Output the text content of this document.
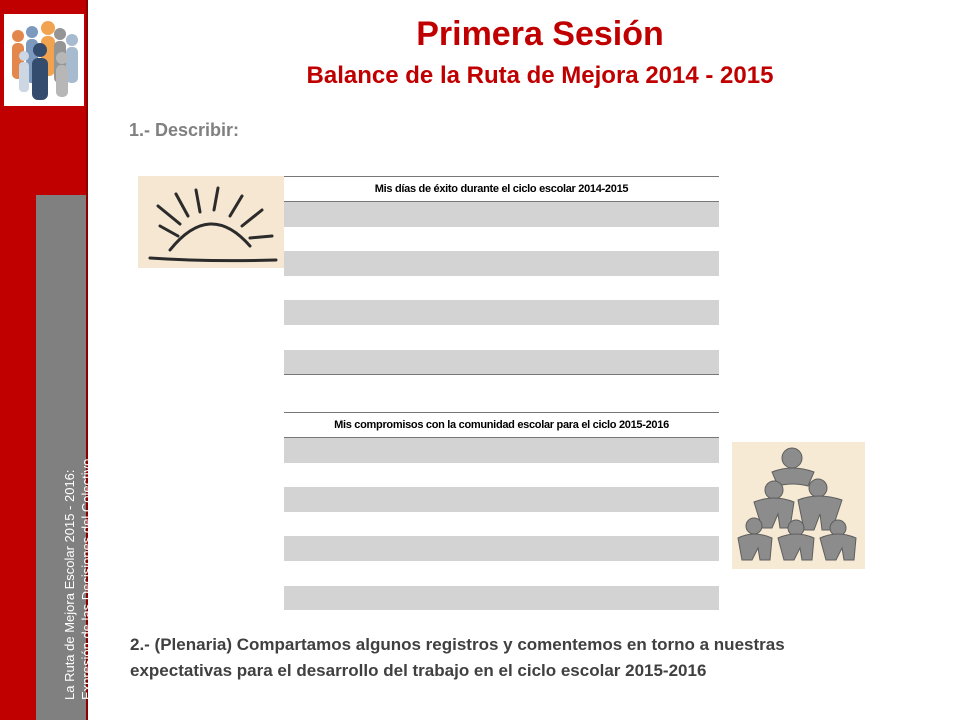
La Ruta de Mejora Escolar 2015 - 2016: Expresión de las Decisiones del Colectivo
Primera Sesión
Balance de la Ruta de Mejora 2014 - 2015
1.- Describir:
Mis días de éxito durante el ciclo escolar 2014-2015
Mis compromisos con la comunidad escolar para el ciclo 2015-2016
2.- (Plenaria) Compartamos algunos registros y comentemos en torno a nuestras expectativas para el desarrollo del trabajo en el ciclo escolar 2015-2016
